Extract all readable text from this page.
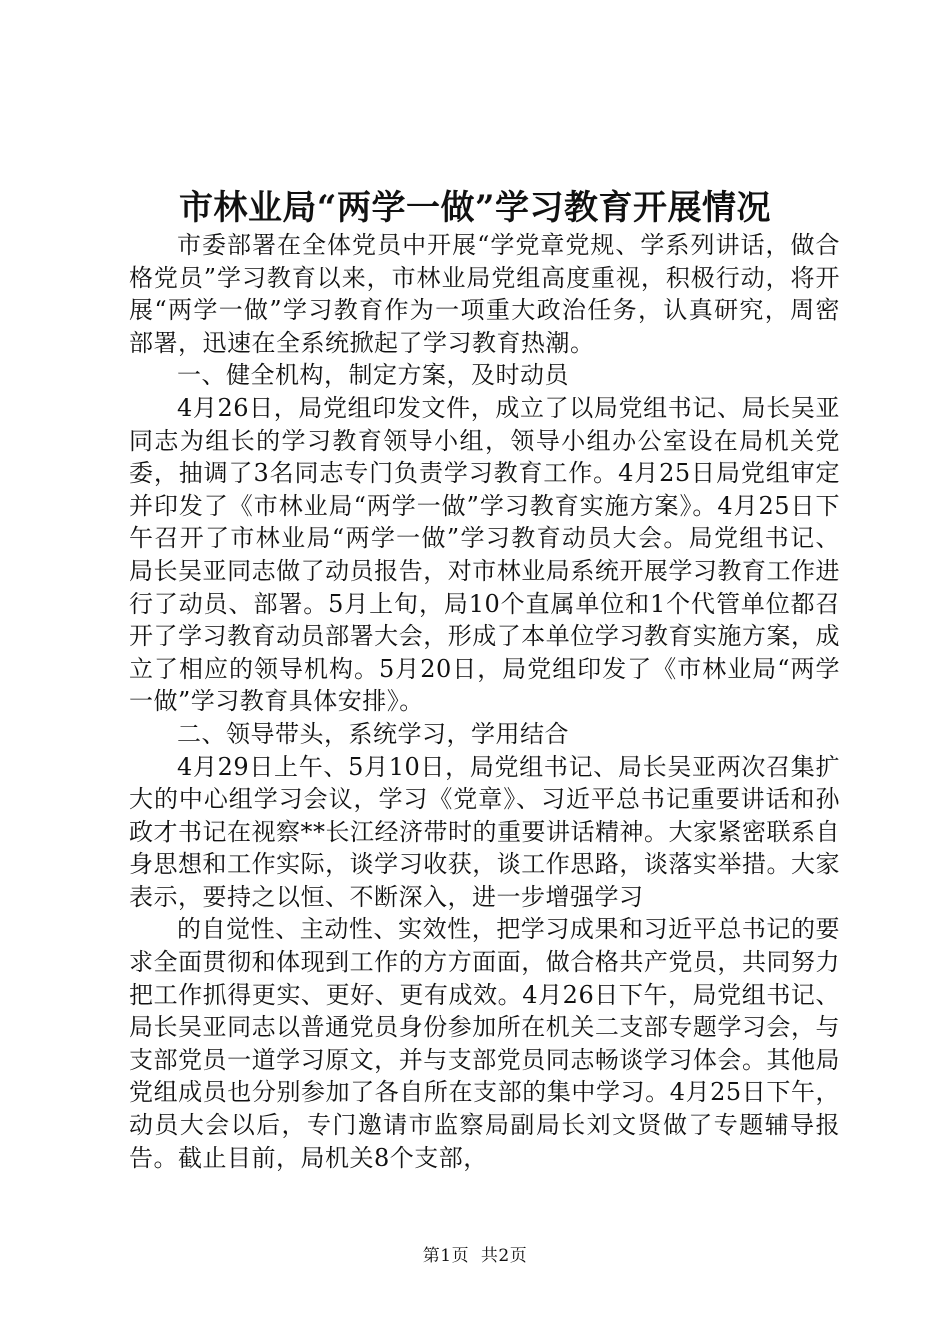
市林业局“两学一做”学习教育开展情况

市委部署在全体党员中开展“学党章党规、学系列讲话，做合格党员”学习教育以来，市林业局党组高度重视，积极行动，将开展“两学一做”学习教育作为一项重大政治任务，认真研究，周密部署，迅速在全系统掀起了学习教育热潮。

一、健全机构，制定方案，及时动员

4月26日，局党组印发文件，成立了以局党组书记、局长吴亚同志为组长的学习教育领导小组，领导小组办公室设在局机关党委，抽调了3名同志专门负责学习教育工作。4月25日局党组审定并印发了《市林业局“两学一做”学习教育实施方案》。4月25日下午召开了市林业局“两学一做”学习教育动员大会。局党组书记、局长吴亚同志做了动员报告，对市林业局系统开展学习教育工作进行了动员、部署。5月上旬，局10个直属单位和1个代管单位都召开了学习教育动员部署大会，形成了本单位学习教育实施方案，成立了相应的领导机构。5月20日，局党组印发了《市林业局“两学一做”学习教育具体安排》。

二、领导带头，系统学习，学用结合

4月29日上午、5月10日，局党组书记、局长吴亚两次召集扩大的中心组学习会议，学习《党章》、习近平总书记重要讲话和孙政才书记在视察**长江经济带时的重要讲话精神。大家紧密联系自身思想和工作实际，谈学习收获，谈工作思路，谈落实举措。大家表示，要持之以恒、不断深入，进一步增强学习

的自觉性、主动性、实效性，把学习成果和习近平总书记的要求全面贯彻和体现到工作的方方面面，做合格共产党员，共同努力把工作抓得更实、更好、更有成效。4月26日下午，局党组书记、局长吴亚同志以普通党员身份参加所在机关二支部专题学习会，与支部党员一道学习原文，并与支部党员同志畅谈学习体会。其他局党组成员也分别参加了各自所在支部的集中学习。4月25日下午，动员大会以后，专门邀请市监察局副局长刘文贤做了专题辅导报告。截止目前，局机关8个支部，

第1页  共2页
